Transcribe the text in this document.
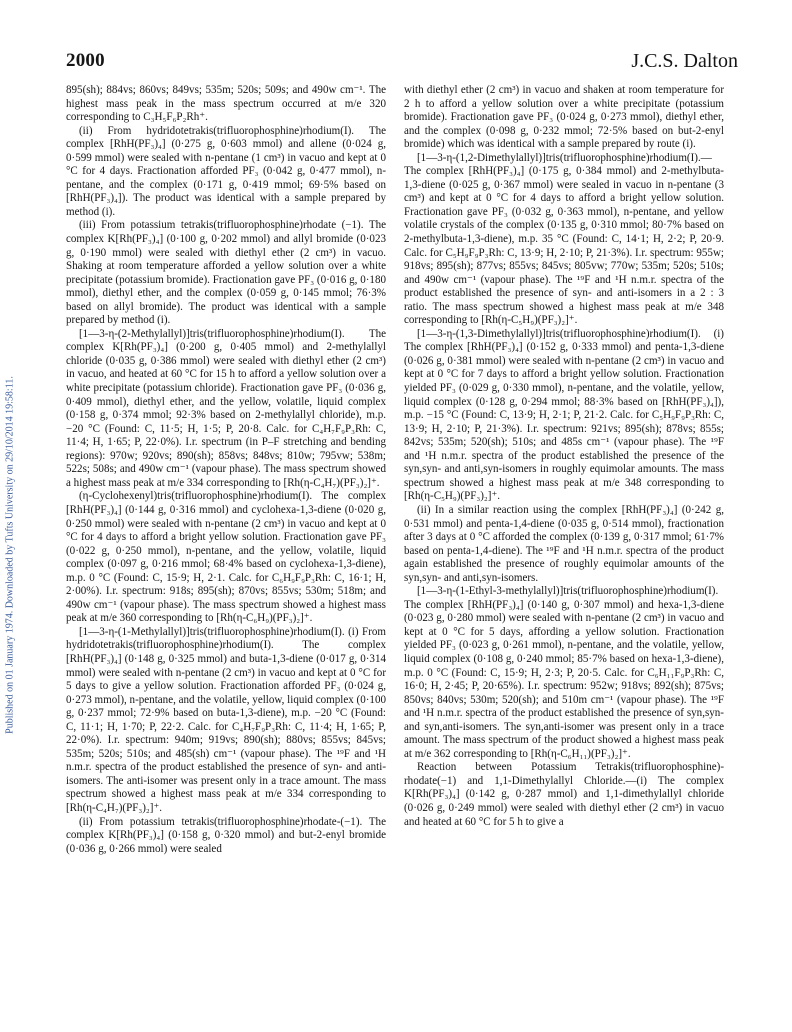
2000	J.C.S. Dalton
Published on 01 January 1974. Downloaded by Tufts University on 29/10/2014 19:58:11.

895(sh); 884vs; 860vs; 849vs; 535m; 520s; 509s; and 490w cm⁻¹. The highest mass peak in the mass spectrum occurred at m/e 320 corresponding to C₃H₅F₆P₂Rh⁺.

(ii) From hydridotetrakis(trifluorophosphine)rhodium(I). The complex [RhH(PF₃)₄] (0·275 g, 0·603 mmol) and allene (0·024 g, 0·599 mmol) were sealed with n-pentane (1 cm³) in vacuo and kept at 0 °C for 4 days. Fractionation afforded PF₃ (0·042 g, 0·477 mmol), n-pentane, and the complex (0·171 g, 0·419 mmol; 69·5% based on [RhH(PF₃)₄]). The product was identical with a sample prepared by method (i).

(iii) From potassium tetrakis(trifluorophosphine)rhodate (−1). The complex K[Rh(PF₃)₄] (0·100 g, 0·202 mmol) and allyl bromide (0·023 g, 0·190 mmol) were sealed with diethyl ether (2 cm³) in vacuo. Shaking at room temperature afforded a yellow solution over a white precipitate (potassium bromide). Fractionation gave PF₃ (0·016 g, 0·180 mmol), diethyl ether, and the complex (0·059 g, 0·145 mmol; 76·3% based on allyl bromide). The product was identical with a sample prepared by method (i).

[1—3-η-(2-Methylallyl)]tris(trifluorophosphine)rhodium(I). The complex K[Rh(PF₃)₄] (0·200 g, 0·405 mmol) and 2-methylallyl chloride (0·035 g, 0·386 mmol) were sealed with diethyl ether (2 cm³) in vacuo, and heated at 60 °C for 15 h to afford a yellow solution over a white precipitate (potassium chloride). Fractionation gave PF₃ (0·036 g, 0·409 mmol), diethyl ether, and the yellow, volatile, liquid complex (0·158 g, 0·374 mmol; 92·3% based on 2-methylallyl chloride), m.p. −20 °C (Found: C, 11·5; H, 1·5; P, 20·8. Calc. for C₄H₇F₉P₃Rh: C, 11·4; H, 1·65; P, 22·0%). I.r. spectrum (in P–F stretching and bending regions): 970w; 920vs; 890(sh); 858vs; 848vs; 810w; 795vw; 538m; 522s; 508s; and 490w cm⁻¹ (vapour phase). The mass spectrum showed a highest mass peak at m/e 334 corresponding to [Rh(η-C₄H₇)(PF₃)₂]⁺.

(η-Cyclohexenyl)tris(trifluorophosphine)rhodium(I). The complex [RhH(PF₃)₄] (0·144 g, 0·316 mmol) and cyclohexa-1,3-diene (0·020 g, 0·250 mmol) were sealed with n-pentane (2 cm³) in vacuo and kept at 0 °C for 4 days to afford a bright yellow solution. Fractionation gave PF₃ (0·022 g, 0·250 mmol), n-pentane, and the yellow, volatile, liquid complex (0·097 g, 0·216 mmol; 68·4% based on cyclohexa-1,3-diene), m.p. 0 °C (Found: C, 15·9; H, 2·1. Calc. for C₆H₉F₉P₃Rh: C, 16·1; H, 2·00%). I.r. spectrum: 918s; 895(sh); 870vs; 855vs; 530m; 518m; and 490w cm⁻¹ (vapour phase). The mass spectrum showed a highest mass peak at m/e 360 corresponding to [Rh(η-C₆H₉)(PF₃)₂]⁺.

[1—3-η-(1-Methylallyl)]tris(trifluorophosphine)rhodium(I). (i) From hydridotetrakis(trifluorophosphine)rhodium(I). The complex [RhH(PF₃)₄] (0·148 g, 0·325 mmol) and buta-1,3-diene (0·017 g, 0·314 mmol) were sealed with n-pentane (2 cm³) in vacuo and kept at 0 °C for 5 days to give a yellow solution. Fractionation afforded PF₃ (0·024 g, 0·273 mmol), n-pentane, and the volatile, yellow, liquid complex (0·100 g, 0·237 mmol; 72·9% based on buta-1,3-diene), m.p. −20 °C (Found: C, 11·1; H, 1·70; P, 22·2. Calc. for C₄H₇F₉P₃Rh: C, 11·4; H, 1·65; P, 22·0%). I.r. spectrum: 940m; 919vs; 890(sh); 880vs; 855vs; 845vs; 535m; 520s; 510s; and 485(sh) cm⁻¹ (vapour phase). The ¹⁹F and ¹H n.m.r. spectra of the product established the presence of syn- and anti-isomers. The anti-isomer was present only in a trace amount. The mass spectrum showed a highest mass peak at m/e 334 corresponding to [Rh(η-C₄H₇)(PF₃)₂]⁺.

(ii) From potassium tetrakis(trifluorophosphine)rhodate-(−1). The complex K[Rh(PF₃)₄] (0·158 g, 0·320 mmol) and but-2-enyl bromide (0·036 g, 0·266 mmol) were sealed

with diethyl ether (2 cm³) in vacuo and shaken at room temperature for 2 h to afford a yellow solution over a white precipitate (potassium bromide). Fractionation gave PF₃ (0·024 g, 0·273 mmol), diethyl ether, and the complex (0·098 g, 0·232 mmol; 72·5% based on but-2-enyl bromide) which was identical with a sample prepared by route (i).

[1—3-η-(1,2-Dimethylallyl)]tris(trifluorophosphine)rhodium(I).—The complex [RhH(PF₃)₄] (0·175 g, 0·384 mmol) and 2-methylbuta-1,3-diene (0·025 g, 0·367 mmol) were sealed in vacuo in n-pentane (3 cm³) and kept at 0 °C for 4 days to afford a bright yellow solution. Fractionation gave PF₃ (0·032 g, 0·363 mmol), n-pentane, and yellow volatile crystals of the complex (0·135 g, 0·310 mmol; 80·7% based on 2-methylbuta-1,3-diene), m.p. 35 °C (Found: C, 14·1; H, 2·2; P, 20·9. Calc. for C₅H₉F₉P₃Rh: C, 13·9; H, 2·10; P, 21·3%). I.r. spectrum: 955w; 918vs; 895(sh); 877vs; 855vs; 845vs; 805vw; 770w; 535m; 520s; 510s; and 490w cm⁻¹ (vapour phase). The ¹⁹F and ¹H n.m.r. spectra of the product established the presence of syn- and anti-isomers in a 2 : 3 ratio. The mass spectrum showed a highest mass peak at m/e 348 corresponding to [Rh(η-C₅H₉)(PF₃)₂]⁺.

[1—3-η-(1,3-Dimethylallyl)]tris(trifluorophosphine)rhodium(I). (i) The complex [RhH(PF₃)₄] (0·152 g, 0·333 mmol) and penta-1,3-diene (0·026 g, 0·381 mmol) were sealed with n-pentane (2 cm³) in vacuo and kept at 0 °C for 7 days to afford a bright yellow solution. Fractionation yielded PF₃ (0·029 g, 0·330 mmol), n-pentane, and the volatile, yellow, liquid complex (0·128 g, 0·294 mmol; 88·3% based on [RhH(PF₃)₄]), m.p. −15 °C (Found: C, 13·9; H, 2·1; P, 21·2. Calc. for C₅H₉F₉P₃Rh: C, 13·9; H, 2·10; P, 21·3%). I.r. spectrum: 921vs; 895(sh); 878vs; 855s; 842vs; 535m; 520(sh); 510s; and 485s cm⁻¹ (vapour phase). The ¹⁹F and ¹H n.m.r. spectra of the product established the presence of the syn,syn- and anti,syn-isomers in roughly equimolar amounts. The mass spectrum showed a highest mass peak at m/e 348 corresponding to [Rh(η-C₅H₉)(PF₃)₂]⁺.

(ii) In a similar reaction using the complex [RhH(PF₃)₄] (0·242 g, 0·531 mmol) and penta-1,4-diene (0·035 g, 0·514 mmol), fractionation after 3 days at 0 °C afforded the complex (0·139 g, 0·317 mmol; 61·7% based on penta-1,4-diene). The ¹⁹F and ¹H n.m.r. spectra of the product again established the presence of roughly equimolar amounts of the syn,syn- and anti,syn-isomers.

[1—3-η-(1-Ethyl-3-methylallyl)]tris(trifluorophosphine)rhodium(I). The complex [RhH(PF₃)₄] (0·140 g, 0·307 mmol) and hexa-1,3-diene (0·023 g, 0·280 mmol) were sealed with n-pentane (2 cm³) in vacuo and kept at 0 °C for 5 days, affording a yellow solution. Fractionation yielded PF₃ (0·023 g, 0·261 mmol), n-pentane, and the volatile, yellow, liquid complex (0·108 g, 0·240 mmol; 85·7% based on hexa-1,3-diene), m.p. 0 °C (Found: C, 15·9; H, 2·3; P, 20·5. Calc. for C₆H₁₁F₉P₃Rh: C, 16·0; H, 2·45; P, 20·65%). I.r. spectrum: 952w; 918vs; 892(sh); 875vs; 850vs; 840vs; 530m; 520(sh); and 510m cm⁻¹ (vapour phase). The ¹⁹F and ¹H n.m.r. spectra of the product established the presence of syn,syn- and syn,anti-isomers. The syn,anti-isomer was present only in a trace amount. The mass spectrum of the product showed a highest mass peak at m/e 362 corresponding to [Rh(η-C₆H₁₁)(PF₃)₂]⁺.

Reaction between Potassium Tetrakis(trifluorophosphine)-rhodate(−1) and 1,1-Dimethylallyl Chloride.—(i) The complex K[Rh(PF₃)₄] (0·142 g, 0·287 mmol) and 1,1-dimethylallyl chloride (0·026 g, 0·249 mmol) were sealed with diethyl ether (2 cm³) in vacuo and heated at 60 °C for 5 h to give a
